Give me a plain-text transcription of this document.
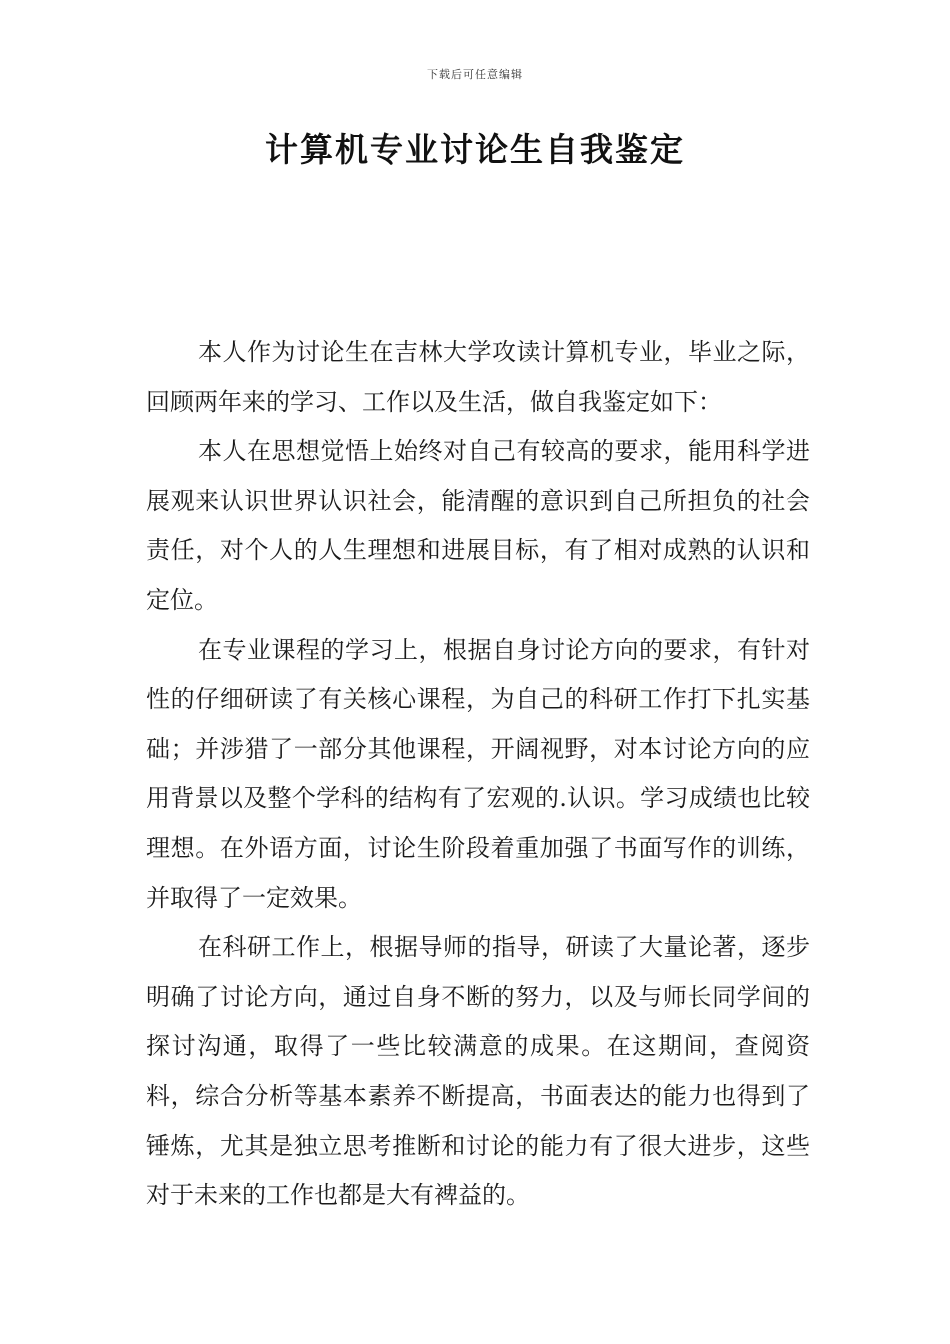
下载后可任意编辑
计算机专业讨论生自我鉴定

本人作为讨论生在吉林大学攻读计算机专业，毕业之际，回顾两年来的学习、工作以及生活，做自我鉴定如下：

本人在思想觉悟上始终对自己有较高的要求，能用科学进展观来认识世界认识社会，能清醒的意识到自己所担负的社会责任，对个人的人生理想和进展目标，有了相对成熟的认识和定位。

在专业课程的学习上，根据自身讨论方向的要求，有针对性的仔细研读了有关核心课程，为自己的科研工作打下扎实基础；并涉猎了一部分其他课程，开阔视野，对本讨论方向的应用背景以及整个学科的结构有了宏观的.认识。学习成绩也比较理想。在外语方面，讨论生阶段着重加强了书面写作的训练，并取得了一定效果。

在科研工作上，根据导师的指导，研读了大量论著，逐步明确了讨论方向，通过自身不断的努力，以及与师长同学间的探讨沟通，取得了一些比较满意的成果。在这期间，查阅资料，综合分析等基本素养不断提高，书面表达的能力也得到了锤炼，尤其是独立思考推断和讨论的能力有了很大进步，这些对于未来的工作也都是大有裨益的。
